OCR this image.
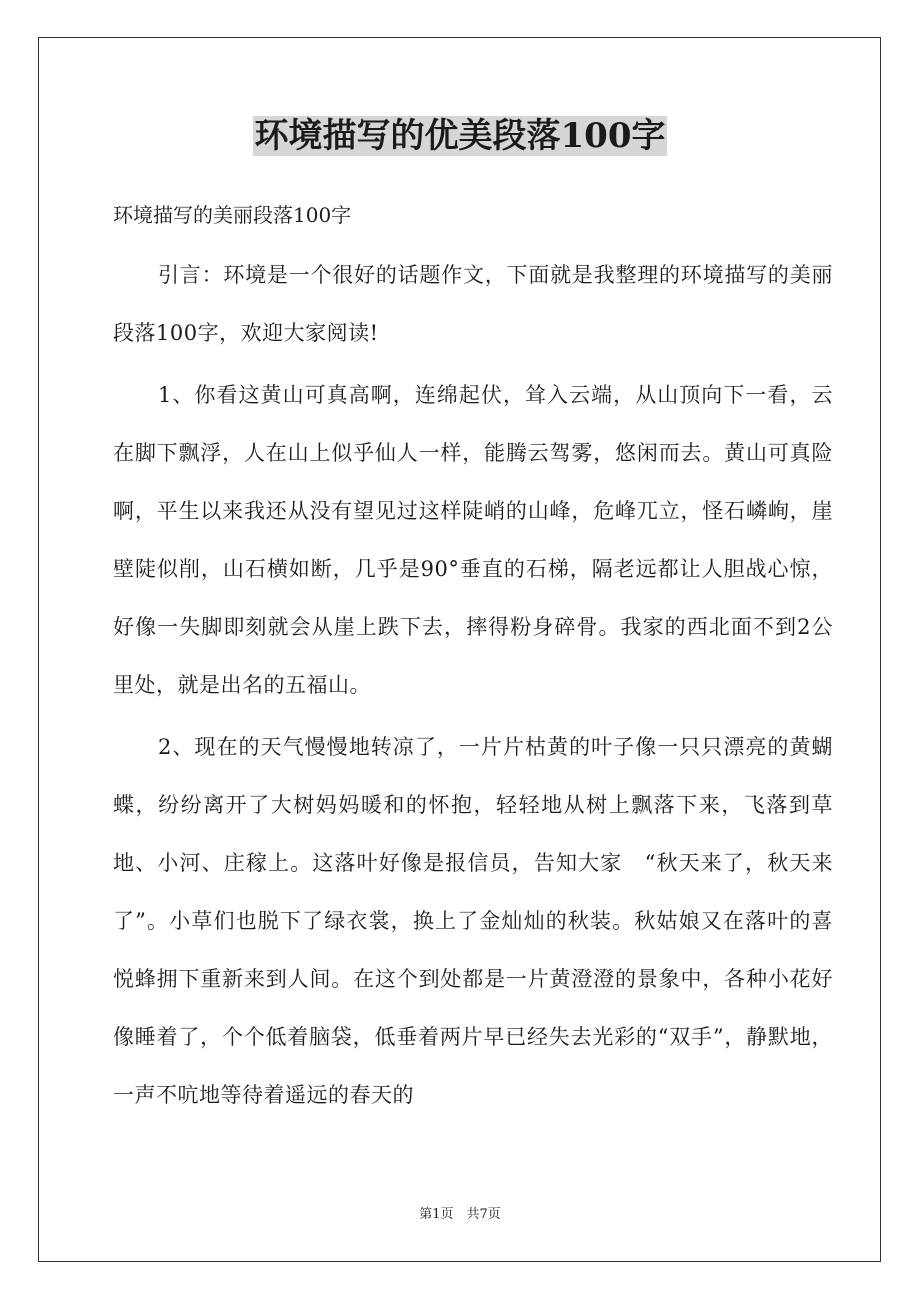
环境描写的优美段落100字

环境描写的美丽段落100字

引言：环境是一个很好的话题作文，下面就是我整理的环境描写的美丽段落100字，欢迎大家阅读!

1、你看这黄山可真高啊，连绵起伏，耸入云端，从山顶向下一看，云在脚下飘浮，人在山上似乎仙人一样，能腾云驾雾，悠闲而去。黄山可真险啊，平生以来我还从没有望见过这样陡峭的山峰，危峰兀立，怪石嶙峋，崖壁陡似削，山石横如断，几乎是90°垂直的石梯，隔老远都让人胆战心惊，好像一失脚即刻就会从崖上跌下去，摔得粉身碎骨。我家的西北面不到2公里处，就是出名的五福山。

2、现在的天气慢慢地转凉了，一片片枯黄的叶子像一只只漂亮的黄蝴蝶，纷纷离开了大树妈妈暖和的怀抱，轻轻地从树上飘落下来，飞落到草地、小河、庄稼上。这落叶好像是报信员，告知大家　“秋天来了，秋天来了”。小草们也脱下了绿衣裳，换上了金灿灿的秋装。秋姑娘又在落叶的喜悦蜂拥下重新来到人间。在这个到处都是一片黄澄澄的景象中，各种小花好像睡着了，个个低着脑袋，低垂着两片早已经失去光彩的“双手”，静默地，一声不吭地等待着遥远的春天的

第1页　共7页
